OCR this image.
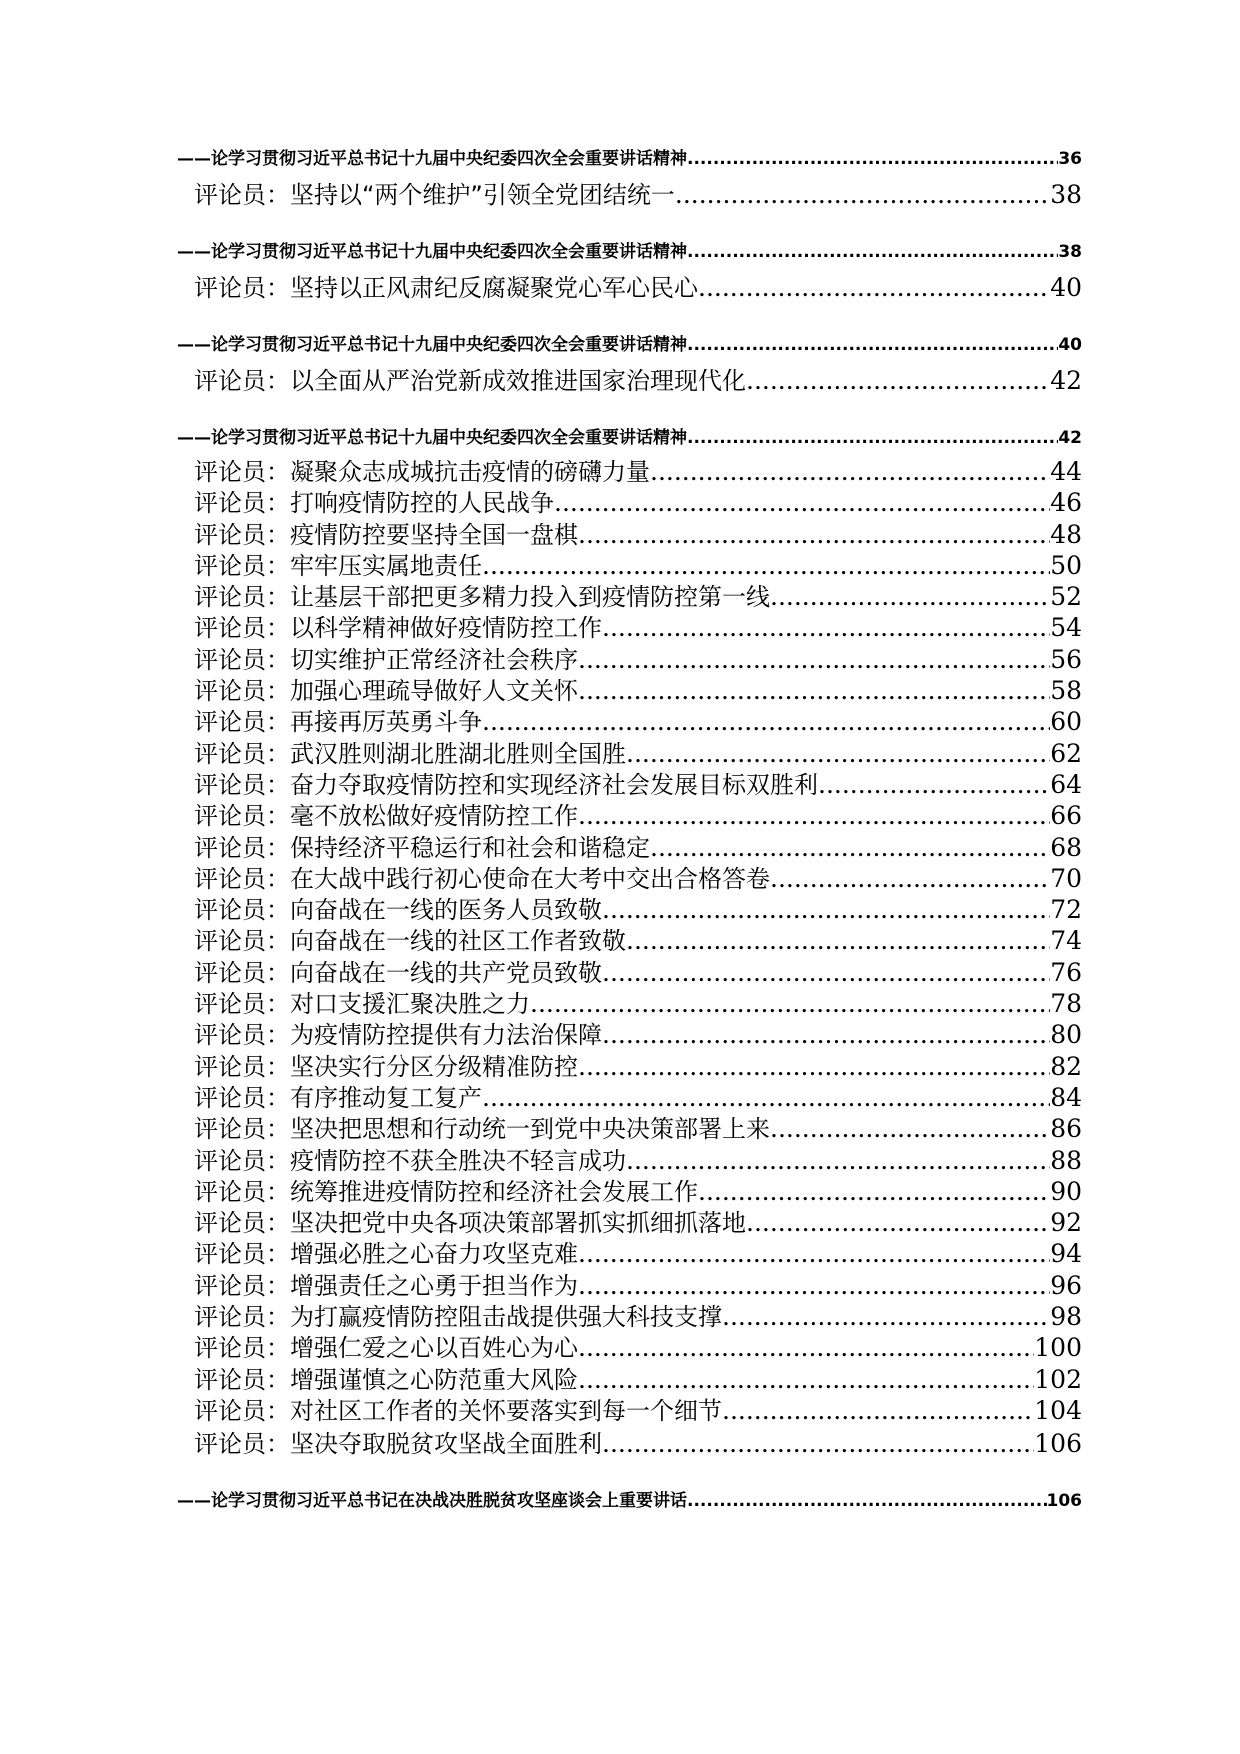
——论学习贯彻习近平总书记十九届中央纪委四次全会重要讲话精神 .....	36
评论员：坚持以“两个维护”引领全党团结统一 .....	38
——论学习贯彻习近平总书记十九届中央纪委四次全会重要讲话精神 .....	38
评论员：坚持以正风肃纪反腐凝聚党心军心民心 .....	40
——论学习贯彻习近平总书记十九届中央纪委四次全会重要讲话精神 .....	40
评论员：以全面从严治党新成效推进国家治理现代化 .....	42
——论学习贯彻习近平总书记十九届中央纪委四次全会重要讲话精神 .....	42
评论员：凝聚众志成城抗击疫情的磅礴力量 .....	44
评论员：打响疫情防控的人民战争 .....	46
评论员：疫情防控要坚持全国一盘棋 .....	48
评论员：牢牢压实属地责任 .....	50
评论员：让基层干部把更多精力投入到疫情防控第一线 .....	52
评论员：以科学精神做好疫情防控工作 .....	54
评论员：切实维护正常经济社会秩序 .....	56
评论员：加强心理疏导做好人文关怀 .....	58
评论员：再接再厉英勇斗争 .....	60
评论员：武汉胜则湖北胜湖北胜则全国胜 .....	62
评论员：奋力夺取疫情防控和实现经济社会发展目标双胜利 .....	64
评论员：毫不放松做好疫情防控工作 .....	66
评论员：保持经济平稳运行和社会和谐稳定 .....	68
评论员：在大战中践行初心使命在大考中交出合格答卷 .....	70
评论员：向奋战在一线的医务人员致敬 .....	72
评论员：向奋战在一线的社区工作者致敬 .....	74
评论员：向奋战在一线的共产党员致敬 .....	76
评论员：对口支援汇聚决胜之力 .....	78
评论员：为疫情防控提供有力法治保障 .....	80
评论员：坚决实行分区分级精准防控 .....	82
评论员：有序推动复工复产 .....	84
评论员：坚决把思想和行动统一到党中央决策部署上来 .....	86
评论员：疫情防控不获全胜决不轻言成功 .....	88
评论员：统筹推进疫情防控和经济社会发展工作 .....	90
评论员：坚决把党中央各项决策部署抓实抓细抓落地 .....	92
评论员：增强必胜之心奋力攻坚克难 .....	94
评论员：增强责任之心勇于担当作为 .....	96
评论员：为打赢疫情防控阻击战提供强大科技支撑 .....	98
评论员：增强仁爱之心以百姓心为心 .....	100
评论员：增强谨慎之心防范重大风险 .....	102
评论员：对社区工作者的关怀要落实到每一个细节 .....	104
评论员：坚决夺取脱贫攻坚战全面胜利 .....	106
——论学习贯彻习近平总书记在决战决胜脱贫攻坚座谈会上重要讲话 .....	106
